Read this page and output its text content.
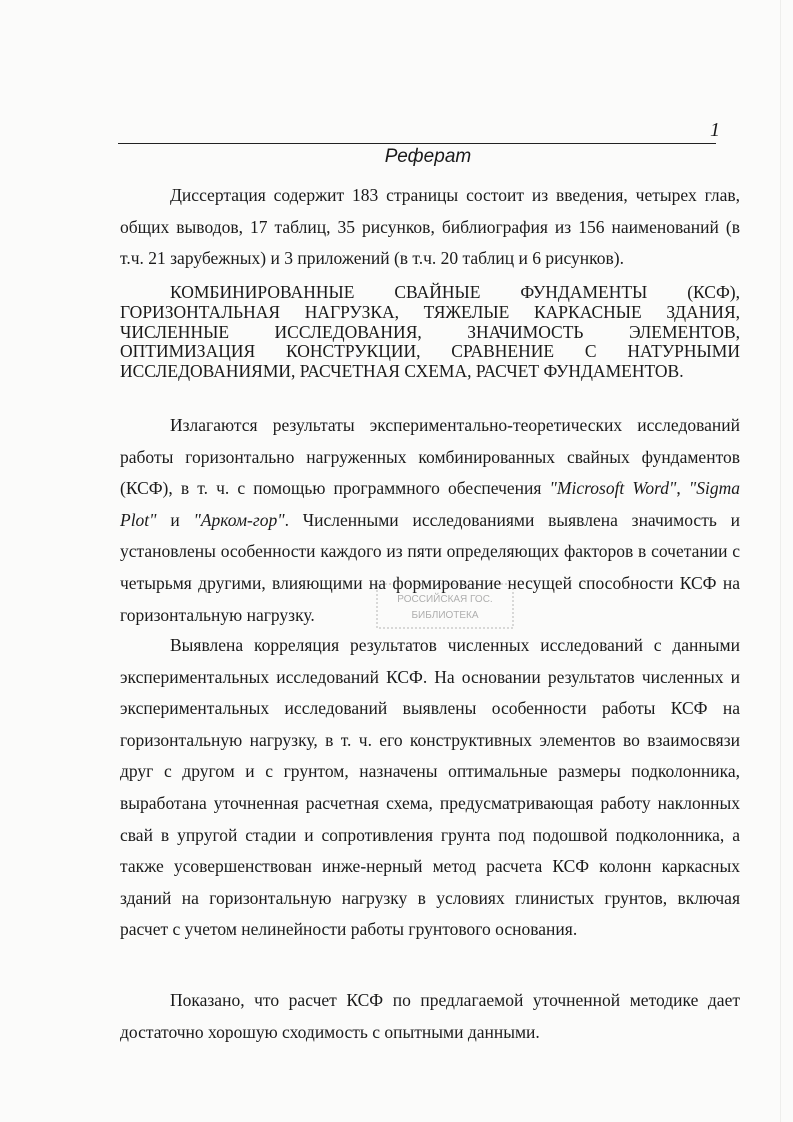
1
Реферат

Диссертация содержит 183 страницы состоит из введения, четырех глав, общих выводов, 17 таблиц, 35 рисунков, библиография из 156 наименований (в т.ч. 21 зарубежных) и 3 приложений (в т.ч. 20 таблиц и 6 рисунков).

КОМБИНИРОВАННЫЕ СВАЙНЫЕ ФУНДАМЕНТЫ (КСФ), ГОРИЗОНТАЛЬНАЯ НАГРУЗКА, ТЯЖЕЛЫЕ КАРКАСНЫЕ ЗДАНИЯ, ЧИСЛЕННЫЕ ИССЛЕДОВАНИЯ, ЗНАЧИМОСТЬ ЭЛЕМЕНТОВ, ОПТИМИЗАЦИЯ КОНСТРУКЦИИ, СРАВНЕНИЕ С НАТУРНЫМИ ИССЛЕДОВАНИЯМИ, РАСЧЕТНАЯ СХЕМА, РАСЧЕТ ФУНДАМЕНТОВ.

Излагаются результаты экспериментально-теоретических исследований работы горизонтально нагруженных комбинированных свайных фундаментов (КСФ), в т. ч. с помощью программного обеспечения "Microsoft Word", "Sigma Plot" и "Арком-гор". Численными исследованиями выявлена значимость и установлены особенности каждого из пяти определяющих факторов в сочетании с четырьмя другими, влияющими на формирование несущей способности КСФ на горизонтальную нагрузку.

Выявлена корреляция результатов численных исследований с данными экспериментальных исследований КСФ. На основании результатов численных и экспериментальных исследований выявлены особенности работы КСФ на горизонтальную нагрузку, в т. ч. его конструктивных элементов во взаимосвязи друг с другом и с грунтом, назначены оптимальные размеры подколонника, выработана уточненная расчетная схема, предусматривающая работу наклонных свай в упругой стадии и сопротивления грунта под подошвой подколонника, а также усовершенствован инже-нерный метод расчета КСФ колонн каркасных зданий на горизонтальную нагрузку в условиях глинистых грунтов, включая расчет с учетом нелинейности работы грунтового основания.

Показано, что расчет КСФ по предлагаемой уточненной методике дает достаточно хорошую сходимость с опытными данными.

РОССИЙСКАЯ ГОС.
БИБЛИОТЕКА
